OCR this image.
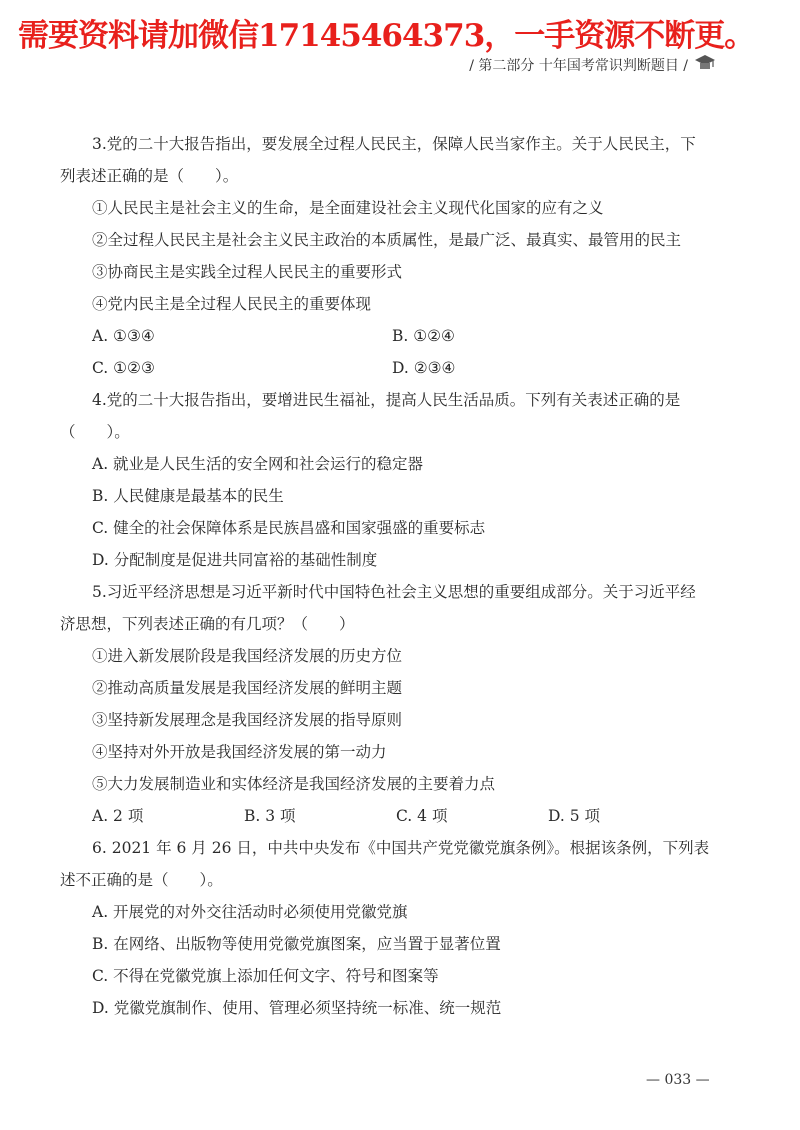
需要资料请加微信17145464373，一手资源不断更。
/ 第二部分 十年国考常识判断题目 /

3.党的二十大报告指出，要发展全过程人民民主，保障人民当家作主。关于人民民主，下列表述正确的是（　　）。

①人民民主是社会主义的生命，是全面建设社会主义现代化国家的应有之义

②全过程人民民主是社会主义民主政治的本质属性，是最广泛、最真实、最管用的民主

③协商民主是实践全过程人民民主的重要形式

④党内民主是全过程人民民主的重要体现

A. ①③④	B. ①②④
C. ①②③	D. ②③④

4.党的二十大报告指出，要增进民生福祉，提高人民生活品质。下列有关表述正确的是（　　）。

A. 就业是人民生活的安全网和社会运行的稳定器

B. 人民健康是最基本的民生

C. 健全的社会保障体系是民族昌盛和国家强盛的重要标志

D. 分配制度是促进共同富裕的基础性制度

5.习近平经济思想是习近平新时代中国特色社会主义思想的重要组成部分。关于习近平经济思想，下列表述正确的有几项？（　　）

①进入新发展阶段是我国经济发展的历史方位

②推动高质量发展是我国经济发展的鲜明主题

③坚持新发展理念是我国经济发展的指导原则

④坚持对外开放是我国经济发展的第一动力

⑤大力发展制造业和实体经济是我国经济发展的主要着力点

A. 2 项	B. 3 项	C. 4 项	D. 5 项

6. 2021 年 6 月 26 日，中共中央发布《中国共产党党徽党旗条例》。根据该条例，下列表述不正确的是（　　）。

A. 开展党的对外交往活动时必须使用党徽党旗

B. 在网络、出版物等使用党徽党旗图案，应当置于显著位置

C. 不得在党徽党旗上添加任何文字、符号和图案等

D. 党徽党旗制作、使用、管理必须坚持统一标准、统一规范

— 033 —
